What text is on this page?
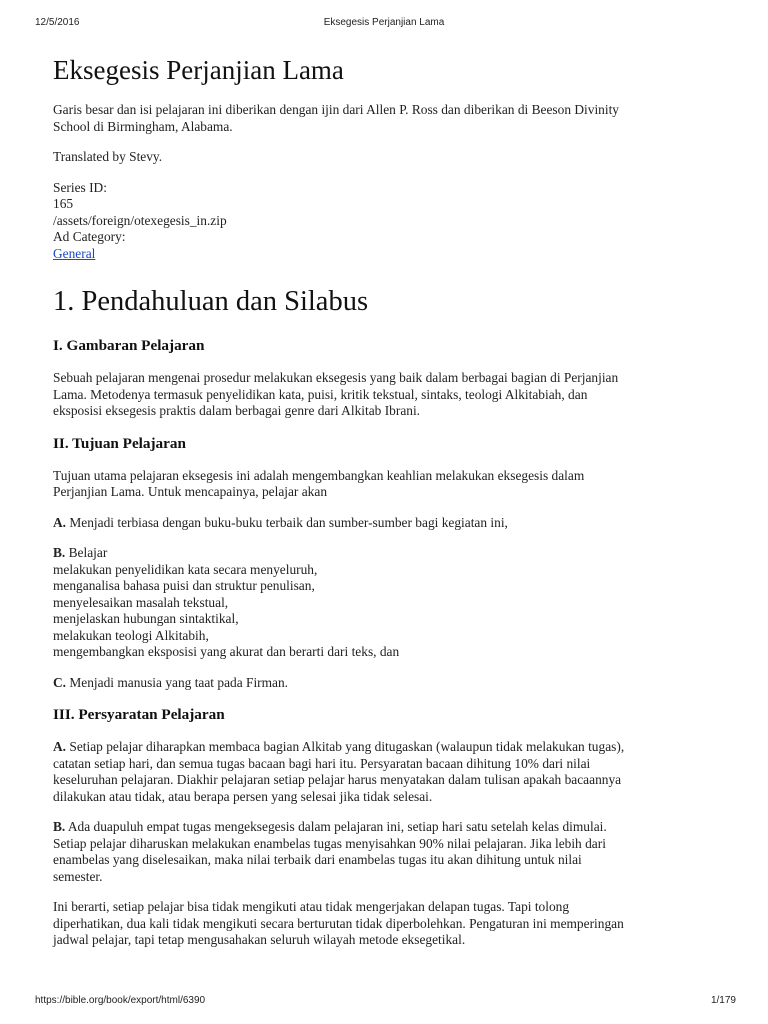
12/5/2016	Eksegesis Perjanjian Lama
Eksegesis Perjanjian Lama

Garis besar dan isi pelajaran ini diberikan dengan ijin dari Allen P. Ross dan diberikan di Beeson Divinity
School di Birmingham, Alabama.

Translated by Stevy.

Series ID:
165
/assets/foreign/otexegesis_in.zip
Ad Category:
General
1. Pendahuluan dan Silabus
I. Gambaran Pelajaran

Sebuah pelajaran mengenai prosedur melakukan eksegesis yang baik dalam berbagai bagian di Perjanjian
Lama. Metodenya termasuk penyelidikan kata, puisi, kritik tekstual, sintaks, teologi Alkitabiah, dan
eksposisi eksegesis praktis dalam berbagai genre dari Alkitab Ibrani.

II. Tujuan Pelajaran

Tujuan utama pelajaran eksegesis ini adalah mengembangkan keahlian melakukan eksegesis dalam
Perjanjian Lama. Untuk mencapainya, pelajar akan

A. Menjadi terbiasa dengan buku-buku terbaik dan sumber-sumber bagi kegiatan ini,

B. Belajar
melakukan penyelidikan kata secara menyeluruh,
menganalisa bahasa puisi dan struktur penulisan,
menyelesaikan masalah tekstual,
menjelaskan hubungan sintaktikal,
melakukan teologi Alkitabih,
mengembangkan eksposisi yang akurat dan berarti dari teks, dan

C. Menjadi manusia yang taat pada Firman.

III. Persyaratan Pelajaran

A. Setiap pelajar diharapkan membaca bagian Alkitab yang ditugaskan (walaupun tidak melakukan tugas),
catatan setiap hari, dan semua tugas bacaan bagi hari itu. Persyaratan bacaan dihitung 10% dari nilai
keseluruhan pelajaran. Diakhir pelajaran setiap pelajar harus menyatakan dalam tulisan apakah bacaannya
dilakukan atau tidak, atau berapa persen yang selesai jika tidak selesai.

B. Ada duapuluh empat tugas mengeksegesis dalam pelajaran ini, setiap hari satu setelah kelas dimulai.
Setiap pelajar diharuskan melakukan enambelas tugas menyisahkan 90% nilai pelajaran. Jika lebih dari
enambelas yang diselesaikan, maka nilai terbaik dari enambelas tugas itu akan dihitung untuk nilai
semester.

Ini berarti, setiap pelajar bisa tidak mengikuti atau tidak mengerjakan delapan tugas. Tapi tolong
diperhatikan, dua kali tidak mengikuti secara berturutan tidak diperbolehkan. Pengaturan ini memperingan
jadwal pelajar, tapi tetap mengusahakan seluruh wilayah metode eksegetikal.

https://bible.org/book/export/html/6390	1/179
